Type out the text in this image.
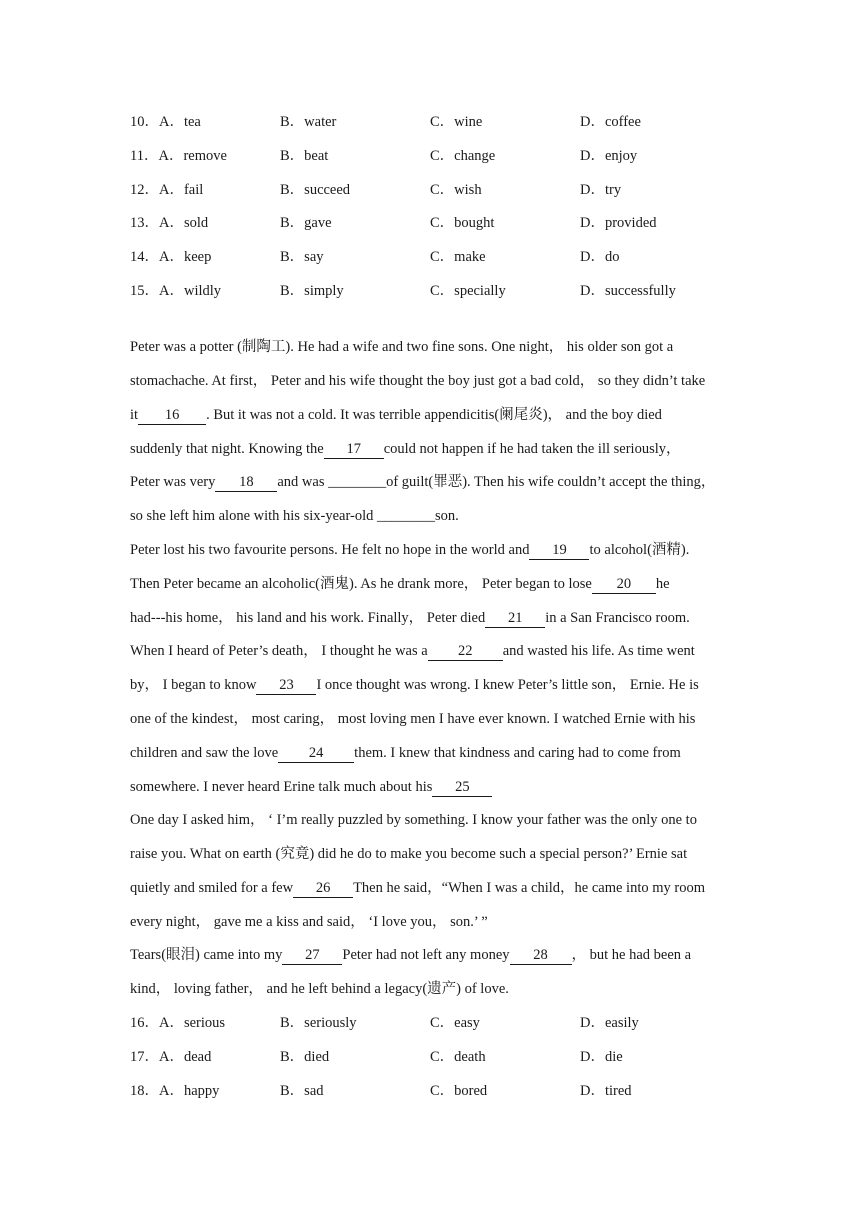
10．A．tea	B．water	C．wine	D．coffee
11．A．remove	B．beat	C．change	D．enjoy
12．A．fail	B．succeed	C．wish	D．try
13．A．sold	B．gave	C．bought	D．provided
14．A．keep	B．say	C．make	D．do
15．A．wildly	B．simply	C．specially	D．successfully
Peter was a potter (制陶工). He had a wife and two fine sons. One night， his older son got a
stomachache. At first， Peter and his wife thought the boy just got a bad cold， so they didn’t take
it 16 . But it was not a cold. It was terrible appendicitis(阑尾炎)， and the boy died
suddenly that night. Knowing the 17 could not happen if he had taken the ill seriously，
Peter was very 18 and was ________of guilt(罪恶). Then his wife couldn’t accept the thing，
so she left him alone with his six-year-old ________son.
Peter lost his two favourite persons. He felt no hope in the world and 19 to alcohol(酒精).
Then Peter became an alcoholic(酒鬼). As he drank more， Peter began to lose 20 he
had---his home， his land and his work. Finally， Peter died 21 in a San Francisco room.
When I heard of Peter’s death， I thought he was a 22 and wasted his life. As time went
by， I began to know 23 I once thought was wrong. I knew Peter’s little son， Ernie. He is
one of the kindest， most caring， most loving men I have ever known. I watched Ernie with his
children and saw the love 24 them. I knew that kindness and caring had to come from
somewhere. I never heard Erine talk much about his 25
One day I asked him， ‘ I’m really puzzled by something. I know your father was the only one to
raise you. What on earth (究竟) did he do to make you become such a special person?’ Ernie sat
quietly and smiled for a few 26 Then he said，“When I was a child，he came into my room
every night， gave me a kiss and said， ‘I love you， son.’ ”
Tears(眼泪) came into my 27 Peter had not left any money 28 ， but he had been a
kind， loving father， and he left behind a legacy(遗产) of love.
16．A．serious	B．seriously	C．easy	D．easily
17．A．dead	B．died	C．death	D．die
18．A．happy	B．sad	C．bored	D．tired
